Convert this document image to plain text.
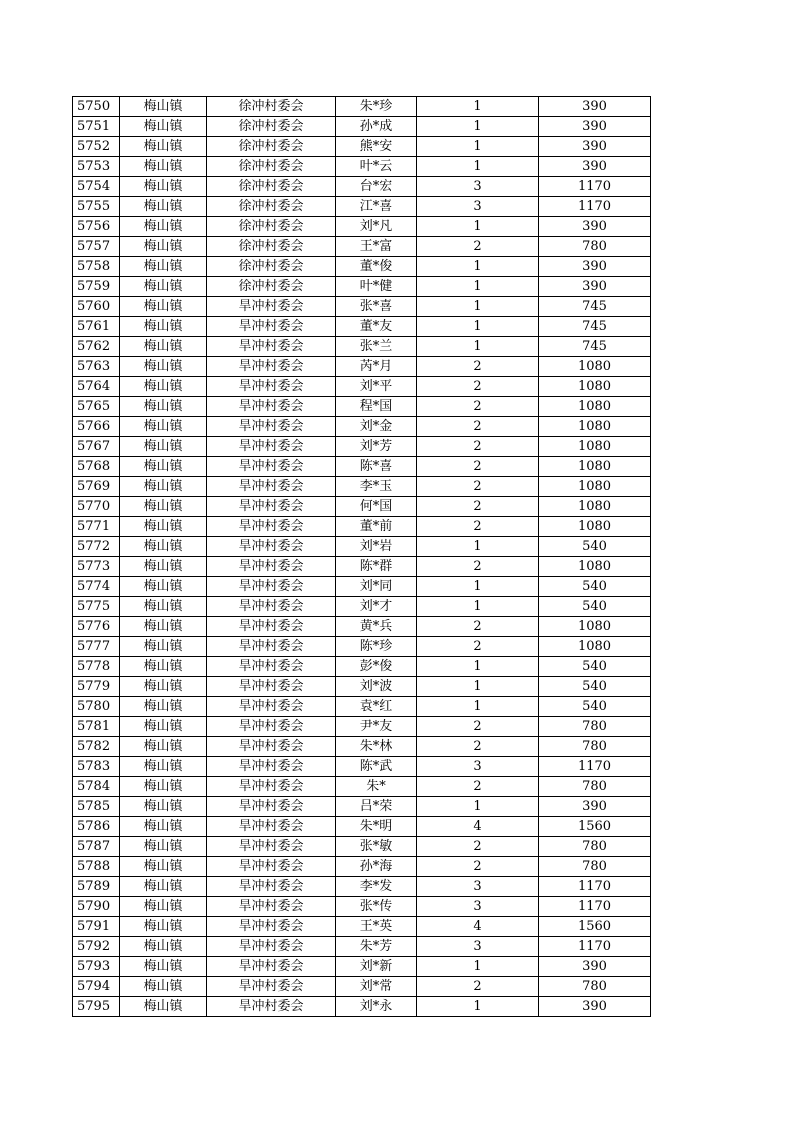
5750	梅山镇	徐冲村委会	朱*珍	1	390
5751	梅山镇	徐冲村委会	孙*成	1	390
5752	梅山镇	徐冲村委会	熊*安	1	390
5753	梅山镇	徐冲村委会	叶*云	1	390
5754	梅山镇	徐冲村委会	台*宏	3	1170
5755	梅山镇	徐冲村委会	江*喜	3	1170
5756	梅山镇	徐冲村委会	刘*凡	1	390
5757	梅山镇	徐冲村委会	王*富	2	780
5758	梅山镇	徐冲村委会	董*俊	1	390
5759	梅山镇	徐冲村委会	叶*健	1	390
5760	梅山镇	旱冲村委会	张*喜	1	745
5761	梅山镇	旱冲村委会	董*友	1	745
5762	梅山镇	旱冲村委会	张*兰	1	745
5763	梅山镇	旱冲村委会	芮*月	2	1080
5764	梅山镇	旱冲村委会	刘*平	2	1080
5765	梅山镇	旱冲村委会	程*国	2	1080
5766	梅山镇	旱冲村委会	刘*金	2	1080
5767	梅山镇	旱冲村委会	刘*芳	2	1080
5768	梅山镇	旱冲村委会	陈*喜	2	1080
5769	梅山镇	旱冲村委会	李*玉	2	1080
5770	梅山镇	旱冲村委会	何*国	2	1080
5771	梅山镇	旱冲村委会	董*前	2	1080
5772	梅山镇	旱冲村委会	刘*岩	1	540
5773	梅山镇	旱冲村委会	陈*群	2	1080
5774	梅山镇	旱冲村委会	刘*同	1	540
5775	梅山镇	旱冲村委会	刘*才	1	540
5776	梅山镇	旱冲村委会	黄*兵	2	1080
5777	梅山镇	旱冲村委会	陈*珍	2	1080
5778	梅山镇	旱冲村委会	彭*俊	1	540
5779	梅山镇	旱冲村委会	刘*波	1	540
5780	梅山镇	旱冲村委会	袁*红	1	540
5781	梅山镇	旱冲村委会	尹*友	2	780
5782	梅山镇	旱冲村委会	朱*林	2	780
5783	梅山镇	旱冲村委会	陈*武	3	1170
5784	梅山镇	旱冲村委会	朱*	2	780
5785	梅山镇	旱冲村委会	吕*荣	1	390
5786	梅山镇	旱冲村委会	朱*明	4	1560
5787	梅山镇	旱冲村委会	张*敏	2	780
5788	梅山镇	旱冲村委会	孙*海	2	780
5789	梅山镇	旱冲村委会	李*发	3	1170
5790	梅山镇	旱冲村委会	张*传	3	1170
5791	梅山镇	旱冲村委会	王*英	4	1560
5792	梅山镇	旱冲村委会	朱*芳	3	1170
5793	梅山镇	旱冲村委会	刘*新	1	390
5794	梅山镇	旱冲村委会	刘*常	2	780
5795	梅山镇	旱冲村委会	刘*永	1	390
